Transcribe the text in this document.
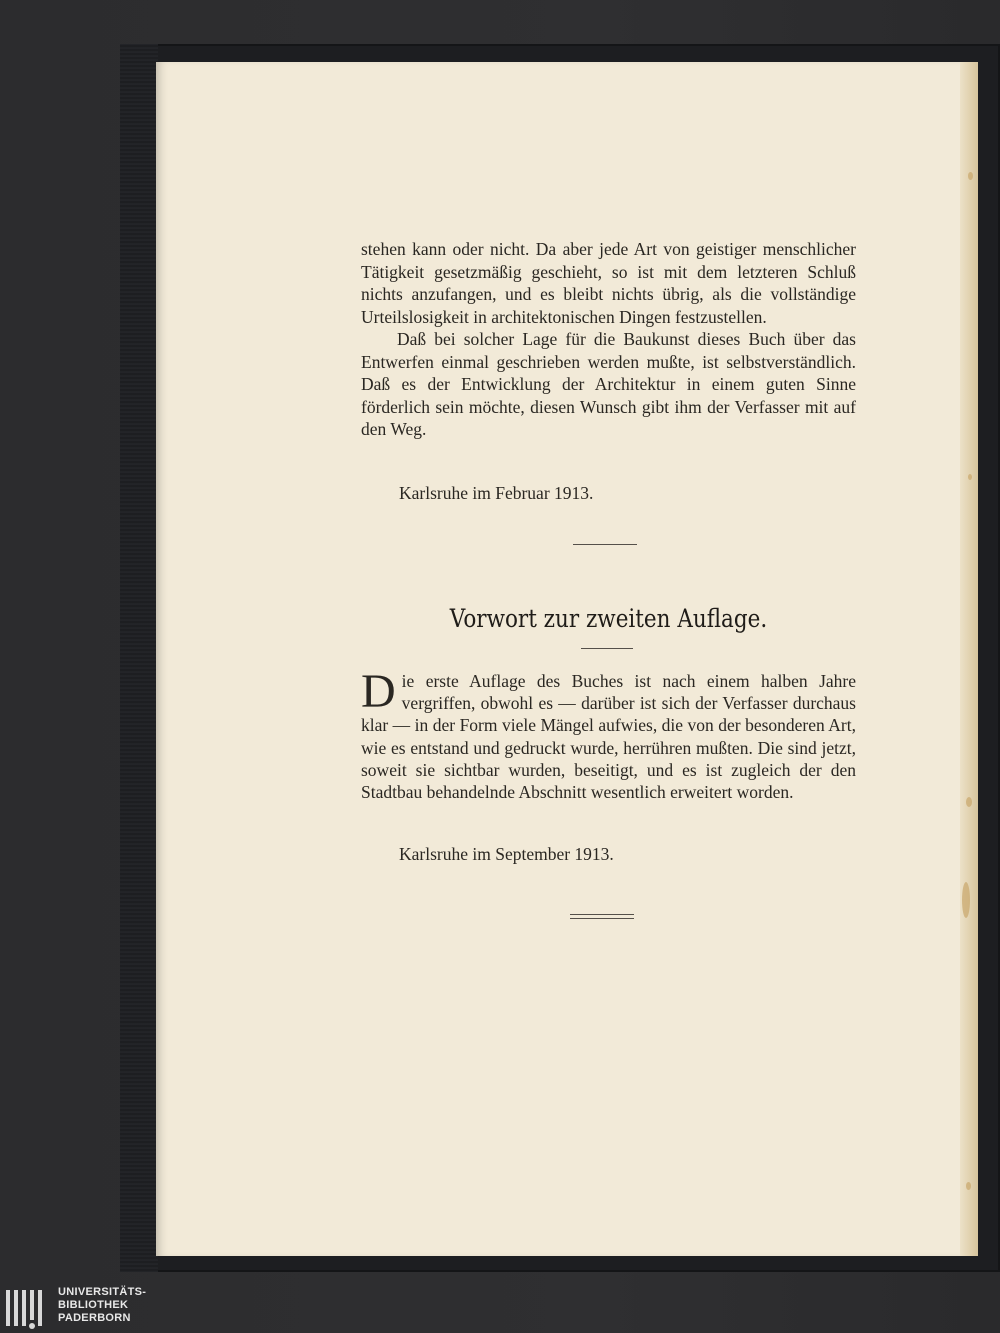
stehen kann oder nicht. Da aber jede Art von geistiger menschlicher Tätigkeit gesetzmäßig geschieht, so ist mit dem letzteren Schluß nichts anzufangen, und es bleibt nichts übrig, als die vollständige Urteilslosigkeit in architektonischen Dingen festzustellen.

Daß bei solcher Lage für die Baukunst dieses Buch über das Entwerfen einmal geschrieben werden mußte, ist selbstverständlich. Daß es der Entwicklung der Architektur in einem guten Sinne förderlich sein möchte, diesen Wunsch gibt ihm der Verfasser mit auf den Weg.

Karlsruhe im Februar 1913.
Vorwort zur zweiten Auflage.
D ie erste Auflage des Buches ist nach einem halben Jahre vergriffen, obwohl es — darüber ist sich der Verfasser durchaus klar — in der Form viele Mängel aufwies, die von der besonderen Art, wie es entstand und gedruckt wurde, herrühren mußten. Die sind jetzt, soweit sie sichtbar wurden, beseitigt, und es ist zugleich der den Stadtbau behandelnde Abschnitt wesentlich erweitert worden.
Karlsruhe im September 1913.
UNIVERSITÄTS-
BIBLIOTHEK
PADERBORN
